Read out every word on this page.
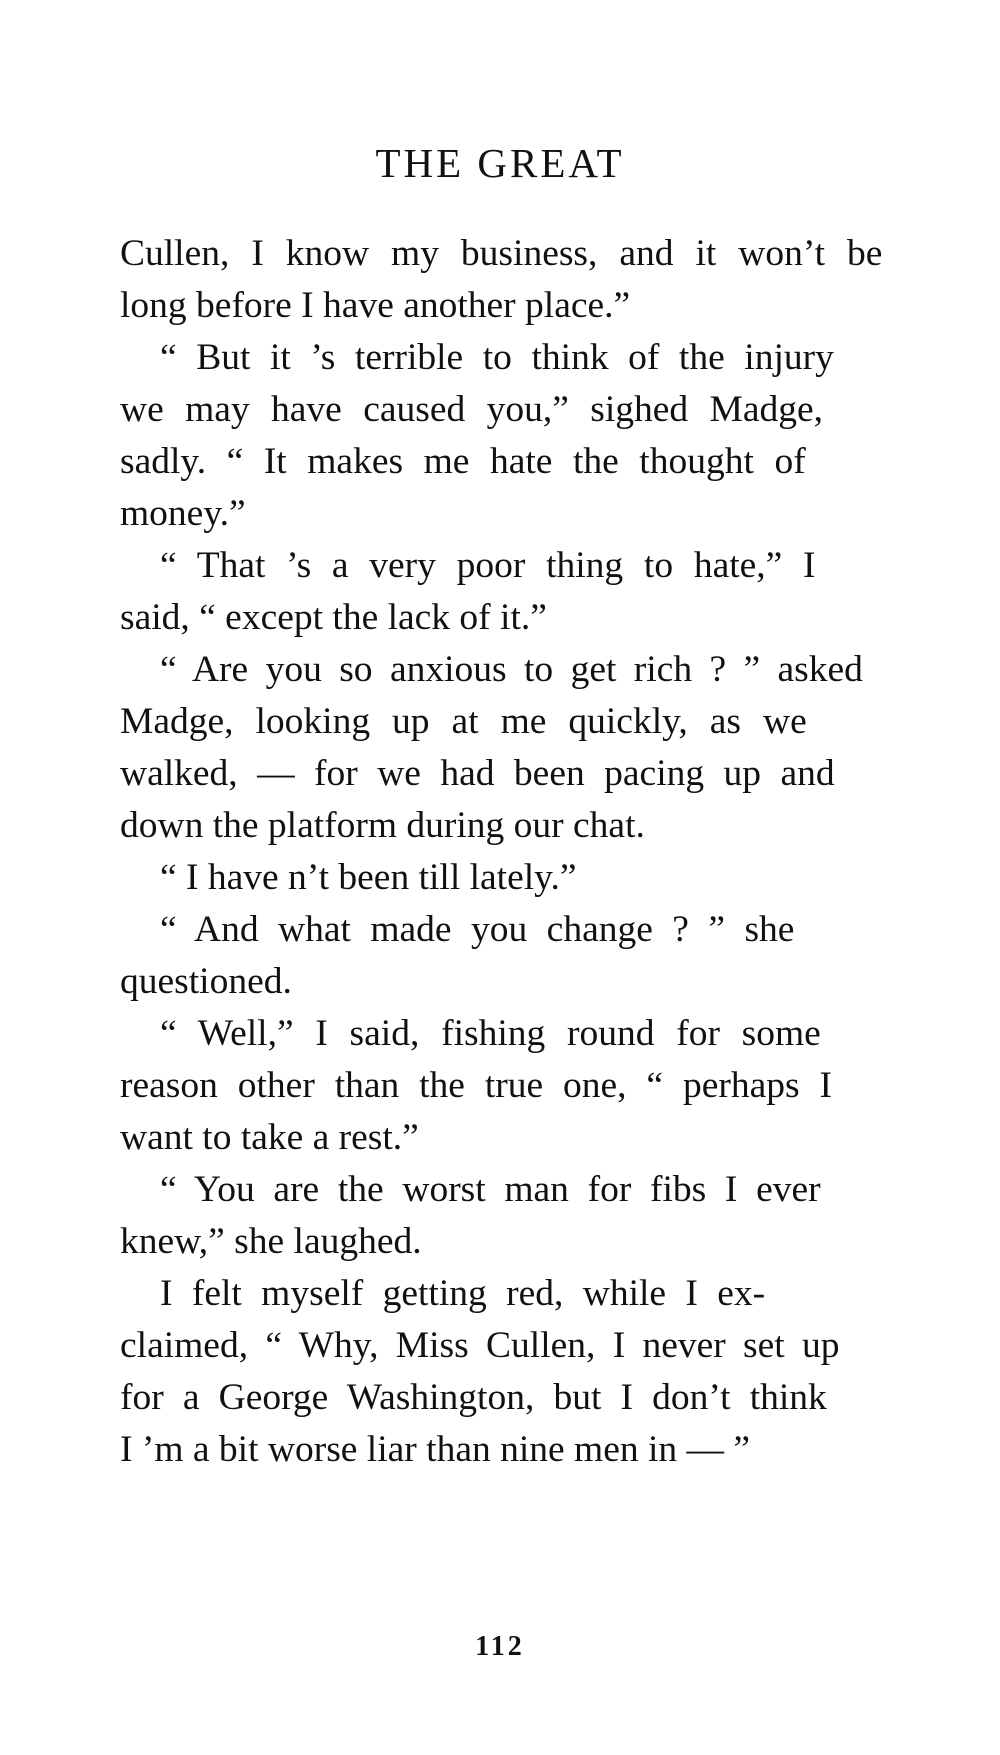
THE GREAT
Cullen, I know my business, and it won’t be
long before I have another place.”
“ But it ’s terrible to think of the injury
we may have caused you,” sighed Madge,
sadly. “ It makes me hate the thought of
money.”
“ That ’s a very poor thing to hate,” I
said, “ except the lack of it.”
“ Are you so anxious to get rich ? ” asked
Madge, looking up at me quickly, as we
walked, — for we had been pacing up and
down the platform during our chat.
“ I have n’t been till lately.”
“ And what made you change ? ” she
questioned.
“ Well,” I said, fishing round for some
reason other than the true one, “ perhaps I
want to take a rest.”
“ You are the worst man for fibs I ever
knew,” she laughed.
I felt myself getting red, while I ex-
claimed, “ Why, Miss Cullen, I never set up
for a George Washington, but I don’t think
I ’m a bit worse liar than nine men in — ”
112
